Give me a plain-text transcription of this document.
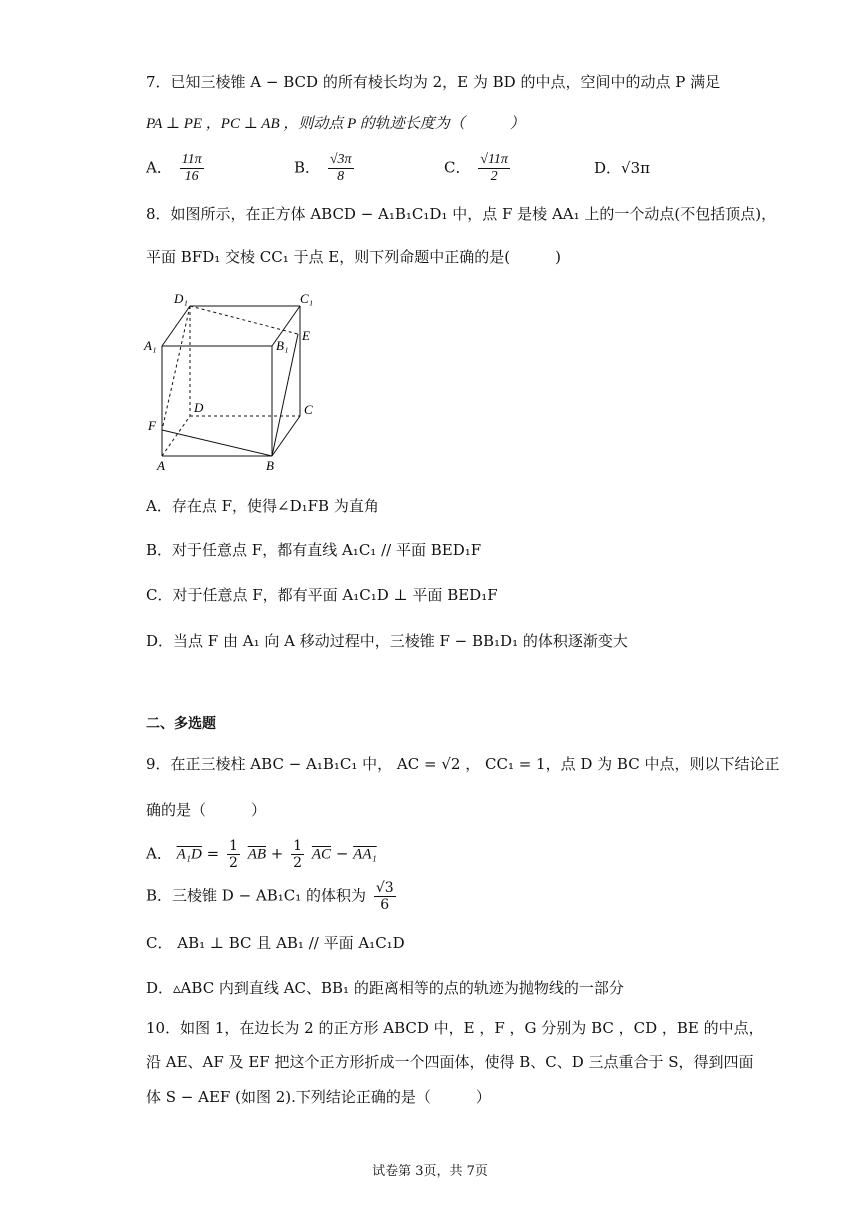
7．已知三棱锥 A − BCD 的所有棱长均为 2，E 为 BD 的中点，空间中的动点 P 满足
PA ⊥ PE ，PC ⊥ AB ，则动点 P 的轨迹长度为（　　　）
A． $\frac{11\pi}{16}$	B． $\frac{√3\pi}{8}$	C． $\frac{√11\pi}{2}$	D．√3π
8．如图所示，在正方体 ABCD − A₁B₁C₁D₁ 中，点 F 是棱 AA₁ 上的一个动点(不包括顶点)，
平面 BFD₁ 交棱 CC₁ 于点 E，则下列命题中正确的是(　　　)
D₁	C₁
A₁	B₁
E
D	C
F
A	B
A．存在点 F，使得∠D₁FB 为直角
B．对于任意点 F，都有直线 A₁C₁ // 平面 BED₁F
C．对于任意点 F，都有平面 A₁C₁D ⊥ 平面 BED₁F
D．当点 F 由 A₁ 向 A 移动过程中，三棱锥 F − BB₁D₁ 的体积逐渐变大
二、多选题
9．在正三棱柱 ABC − A₁B₁C₁ 中， AC = √2 ， CC₁ = 1，点 D 为 BC 中点，则以下结论正
确的是（　　　）
A． $A_1D = \frac{1}{2} \overline{AB} + \frac{1}{2} \overline{AC} - AA_1$
B．三棱锥 D − AB₁C₁ 的体积为 $\frac{√3}{6}$
C． AB₁ ⊥ BC 且 AB₁ // 平面 A₁C₁D
D．▵ABC 内到直线 AC、BB₁ 的距离相等的点的轨迹为抛物线的一部分
10．如图 1，在边长为 2 的正方形 ABCD 中，E ，F ，G 分别为 BC ，CD ，BE 的中点，
沿 AE、AF 及 EF 把这个正方形折成一个四面体，使得 B、C、D 三点重合于 S，得到四面
体 S − AEF (如图 2).下列结论正确的是（　　　）
试卷第 3页，共 7页
